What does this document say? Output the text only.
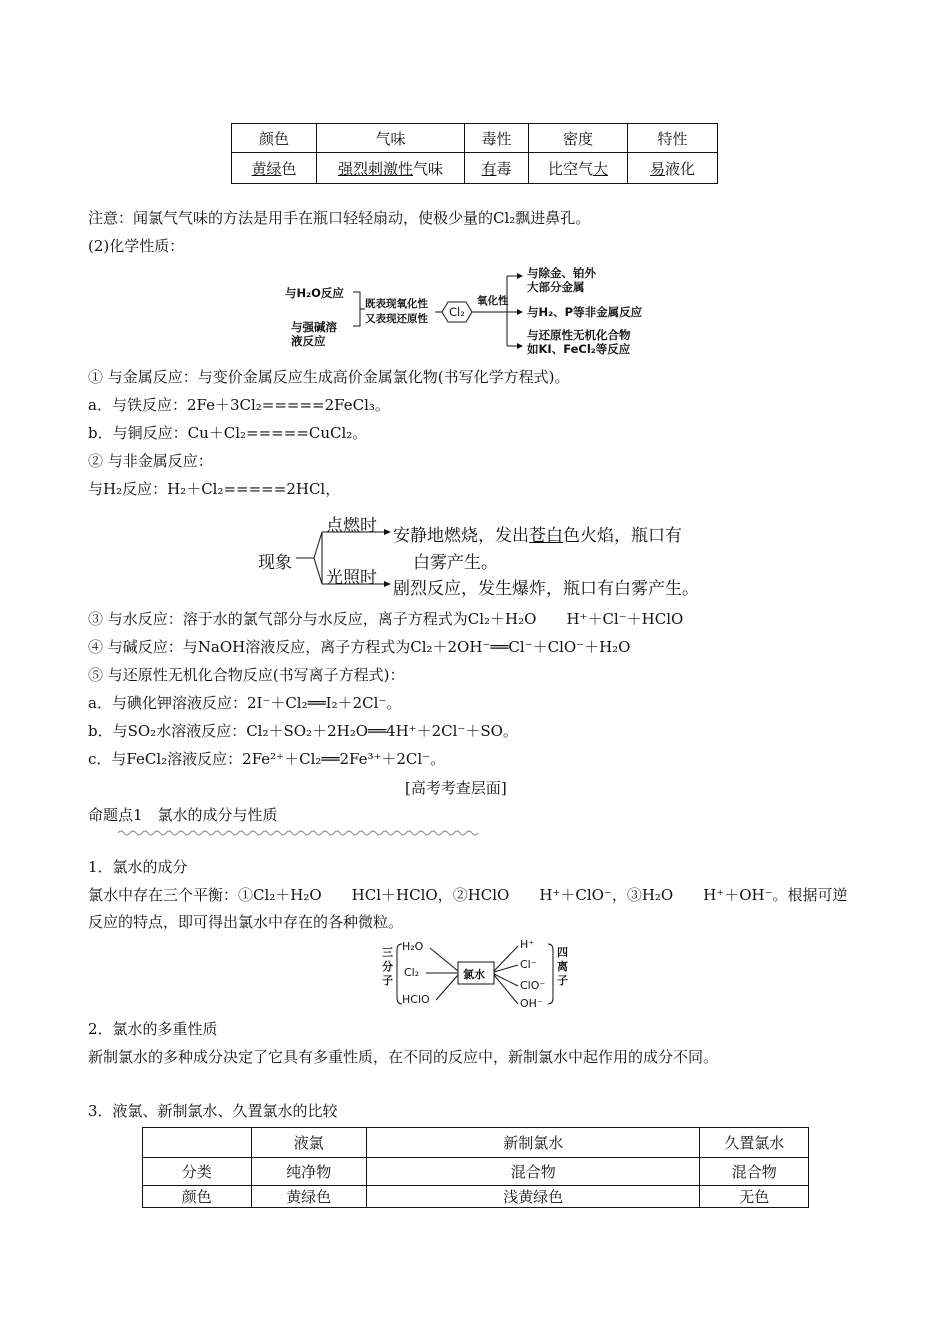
颜色	气味	毒性	密度	特性
黄绿色	强烈刺激性气味	有毒	比空气大	易液化
注意：闻氯气气味的方法是用手在瓶口轻轻扇动，使极少量的Cl₂飘进鼻孔。
(2)化学性质：
与H₂O反应
与强碱溶
液反应
既表现氧化性
又表现还原性 Cl₂
氧化性
与除金、铂外
大部分金属
与H₂、P等非金属反应
与还原性无机化合物
如KI、FeCl₂等反应
① 与金属反应：与变价金属反应生成高价金属氯化物(书写化学方程式)。
a．与铁反应：2Fe＋3Cl₂=====2FeCl₃。
b．与铜反应：Cu＋Cl₂=====CuCl₂。
② 与非金属反应：
与H₂反应：H₂＋Cl₂=====2HCl，
现象
点燃时 安静地燃烧，发出苍白色火焰，瓶口有
白雾产生。
光照时
剧烈反应，发生爆炸，瓶口有白雾产生。
③ 与水反应：溶于水的氯气部分与水反应，离子方程式为Cl₂＋H₂O　　H⁺＋Cl⁻＋HClO
④ 与碱反应：与NaOH溶液反应，离子方程式为Cl₂＋2OH⁻══Cl⁻＋ClO⁻＋H₂O
⑤ 与还原性无机化合物反应(书写离子方程式)：
a．与碘化钾溶液反应：2I⁻＋Cl₂══I₂＋2Cl⁻。
b．与SO₂水溶液反应：Cl₂＋SO₂＋2H₂O══4H⁺＋2Cl⁻＋SO。
c．与FeCl₂溶液反应：2Fe²⁺＋Cl₂══2Fe³⁺＋2Cl⁻。
[高考考查层面]
命题点1　氯水的成分与性质
1．氯水的成分
氯水中存在三个平衡：①Cl₂＋H₂O　　HCl＋HClO，②HClO　　H⁺＋ClO⁻，③H₂O　　H⁺＋OH⁻。根据可逆
反应的特点，即可得出氯水中存在的各种微粒。
三
分
子
H₂O
Cl₂
HClO
氯水
H⁺
Cl⁻
ClO⁻
OH⁻
四
离
子
2．氯水的多重性质
新制氯水的多种成分决定了它具有多重性质，在不同的反应中，新制氯水中起作用的成分不同。
3．液氯、新制氯水、久置氯水的比较
	液氯	新制氯水	久置氯水
分类	纯净物	混合物	混合物
颜色	黄绿色	浅黄绿色	无色
